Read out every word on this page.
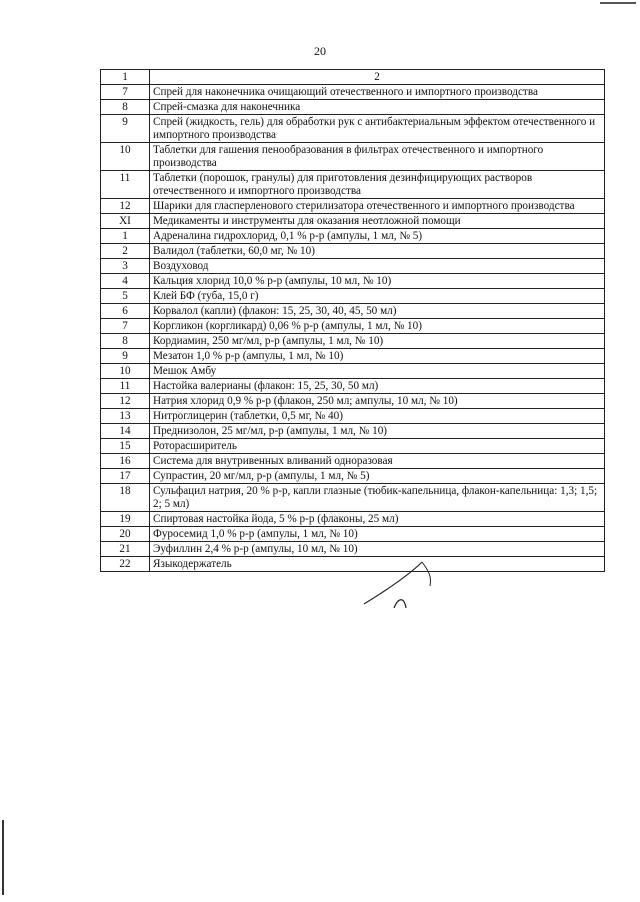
20
1	2
7	Спрей для наконечника очищающий отечественного и импортного производства
8	Спрей-смазка для наконечника
9	Спрей (жидкость, гель) для обработки рук с антибактериальным эффектом отечественного и импортного производства
10	Таблетки для гашения пенообразования в фильтрах отечественного и импортного производства
11	Таблетки (порошок, гранулы) для приготовления дезинфицирующих растворов отечественного и импортного производства
12	Шарики для гласперленового стерилизатора отечественного и импортного производства
XI	Медикаменты и инструменты для оказания неотложной помощи
1	Адреналина гидрохлорид, 0,1 % р-р (ампулы, 1 мл, № 5)
2	Валидол (таблетки, 60,0 мг, № 10)
3	Воздуховод
4	Кальция хлорид 10,0 % р-р (ампулы, 10 мл, № 10)
5	Клей БФ (туба, 15,0 г)
6	Корвалол (капли) (флакон: 15, 25, 30, 40, 45, 50 мл)
7	Коргликон (коргликард) 0,06 % р-р (ампулы, 1 мл, № 10)
8	Кордиамин, 250 мг/мл, р-р (ампулы, 1 мл, № 10)
9	Мезатон 1,0 % р-р (ампулы, 1 мл, № 10)
10	Мешок Амбу
11	Настойка валерианы (флакон: 15, 25, 30, 50 мл)
12	Натрия хлорид 0,9 % р-р (флакон, 250 мл; ампулы, 10 мл, № 10)
13	Нитроглицерин (таблетки, 0,5 мг, № 40)
14	Преднизолон, 25 мг/мл, р-р (ампулы, 1 мл, № 10)
15	Роторасширитель
16	Система для внутривенных вливаний одноразовая
17	Супрастин, 20 мг/мл, р-р (ампулы, 1 мл, № 5)
18	Сульфацил натрия, 20 % р-р, капли глазные (тюбик-капельница, флакон-капельница: 1,3; 1,5; 2; 5 мл)
19	Спиртовая настойка йода, 5 % р-р (флаконы, 25 мл)
20	Фуросемид 1,0 % р-р (ампулы, 1 мл, № 10)
21	Эуфиллин 2,4 % р-р (ампулы, 10 мл, № 10)
22	Языкодержатель
